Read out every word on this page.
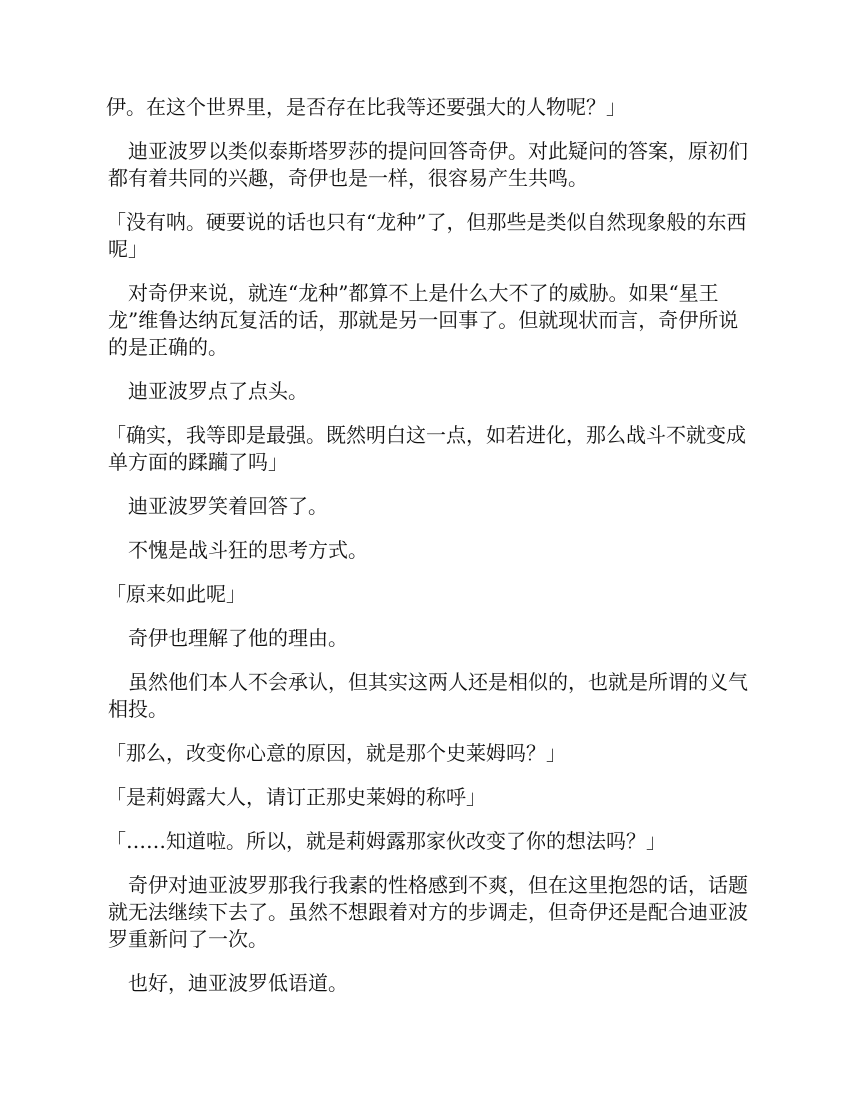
伊。在这个世界里，是否存在比我等还要强大的人物呢？」

迪亚波罗以类似泰斯塔罗莎的提问回答奇伊。对此疑问的答案，原初们都有着共同的兴趣，奇伊也是一样，很容易产生共鸣。

「没有呐。硬要说的话也只有“龙种”了，但那些是类似自然现象般的东西呢」

对奇伊来说，就连“龙种”都算不上是什么大不了的威胁。如果“星王龙”维鲁达纳瓦复活的话，那就是另一回事了。但就现状而言，奇伊所说的是正确的。

迪亚波罗点了点头。

「确实，我等即是最强。既然明白这一点，如若进化，那么战斗不就变成单方面的蹂躏了吗」

迪亚波罗笑着回答了。

不愧是战斗狂的思考方式。

「原来如此呢」

奇伊也理解了他的理由。

虽然他们本人不会承认，但其实这两人还是相似的，也就是所谓的义气相投。

「那么，改变你心意的原因，就是那个史莱姆吗？」

「是莉姆露大人，请订正那史莱姆的称呼」

「……知道啦。所以，就是莉姆露那家伙改变了你的想法吗？」

奇伊对迪亚波罗那我行我素的性格感到不爽，但在这里抱怨的话，话题就无法继续下去了。虽然不想跟着对方的步调走，但奇伊还是配合迪亚波罗重新问了一次。

也好，迪亚波罗低语道。
